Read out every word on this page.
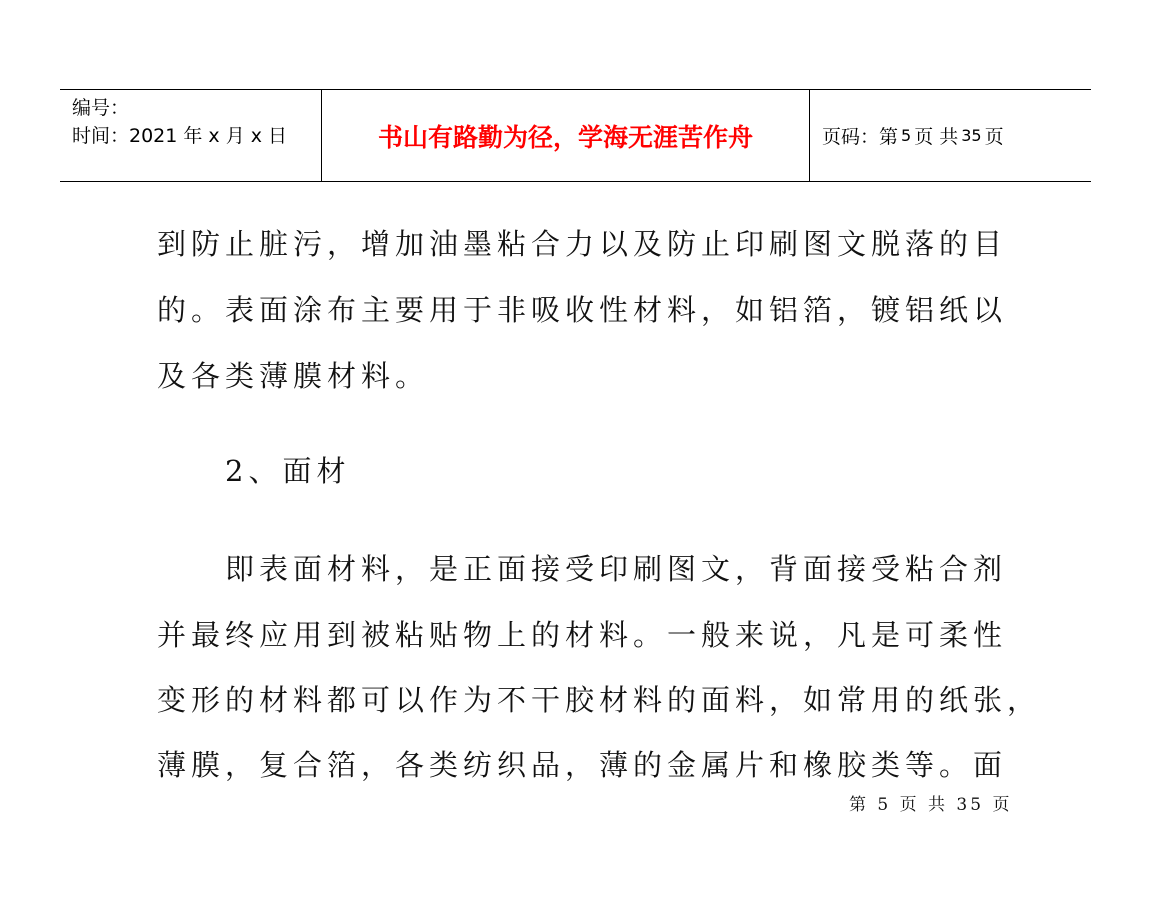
编号：
时间：2021 年 x 月 x 日	书山有路勤为径，学海无涯苦作舟	页码：第 5 页 共 35 页
到防止脏污，增加油墨粘合力以及防止印刷图文脱落的目
的。表面涂布主要用于非吸收性材料，如铝箔，镀铝纸以
及各类薄膜材料。
　　2、面材
　　即表面材料，是正面接受印刷图文，背面接受粘合剂
并最终应用到被粘贴物上的材料。一般来说，凡是可柔性
变形的材料都可以作为不干胶材料的面料，如常用的纸张，
薄膜，复合箔，各类纺织品，薄的金属片和橡胶类等。面
第 5 页 共 35 页
